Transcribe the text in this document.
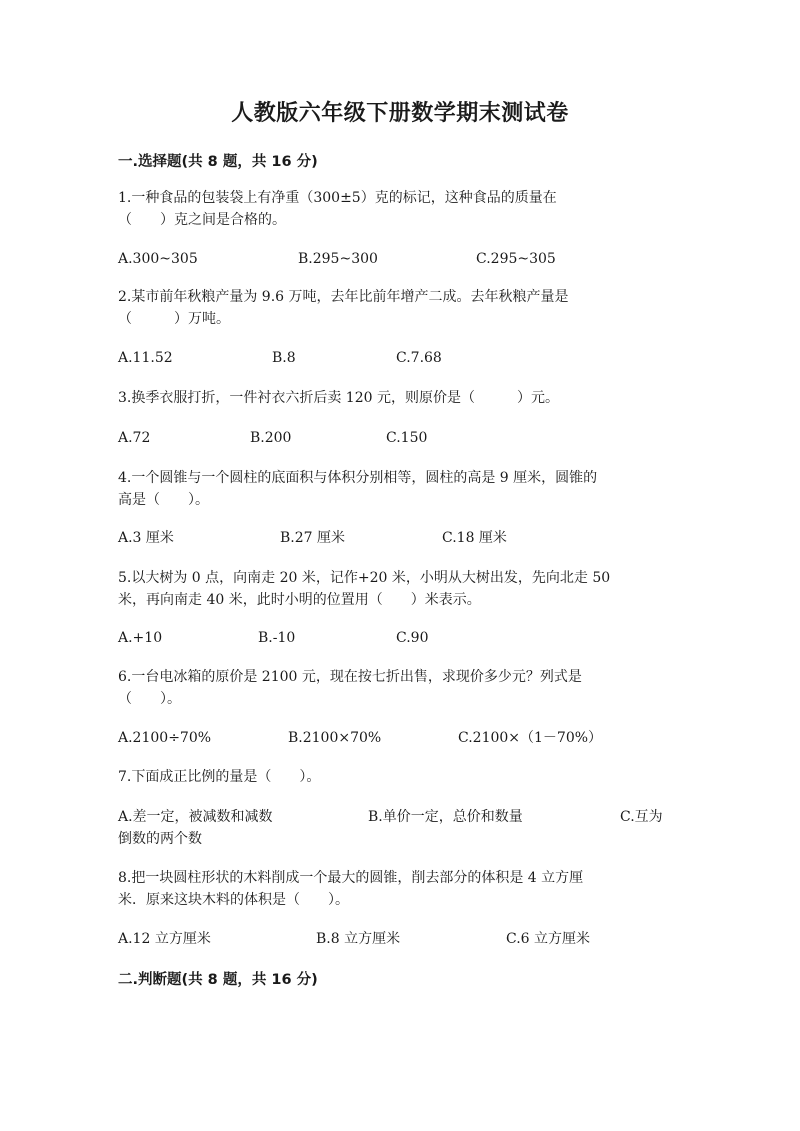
人教版六年级下册数学期末测试卷
一.选择题(共 8 题，共 16 分)
1.一种食品的包装袋上有净重（300±5）克的标记，这种食品的质量在
（　　）克之间是合格的。
A.300~305	B.295~300	C.295~305
2.某市前年秋粮产量为 9.6 万吨，去年比前年增产二成。去年秋粮产量是
（　　　）万吨。
A.11.52	B.8	C.7.68
3.换季衣服打折，一件衬衣六折后卖 120 元，则原价是（　　　）元。
A.72	B.200	C.150
4.一个圆锥与一个圆柱的底面积与体积分别相等，圆柱的高是 9 厘米，圆锥的
高是（　　）。
A.3 厘米	B.27 厘米	C.18 厘米
5.以大树为 0 点，向南走 20 米，记作+20 米，小明从大树出发，先向北走 50
米，再向南走 40 米，此时小明的位置用（　　）米表示。
A.+10	B.-10	C.90
6.一台电冰箱的原价是 2100 元，现在按七折出售，求现价多少元？列式是
（　　）。
A.2100÷70%	B.2100×70%	C.2100×（1－70%）
7.下面成正比例的量是（　　）。
A.差一定，被减数和减数	B.单价一定，总价和数量	C.互为
倒数的两个数
8.把一块圆柱形状的木料削成一个最大的圆锥，削去部分的体积是 4 立方厘
米．原来这块木料的体积是（　　）。
A.12 立方厘米	B.8 立方厘米	C.6 立方厘米
二.判断题(共 8 题，共 16 分)
